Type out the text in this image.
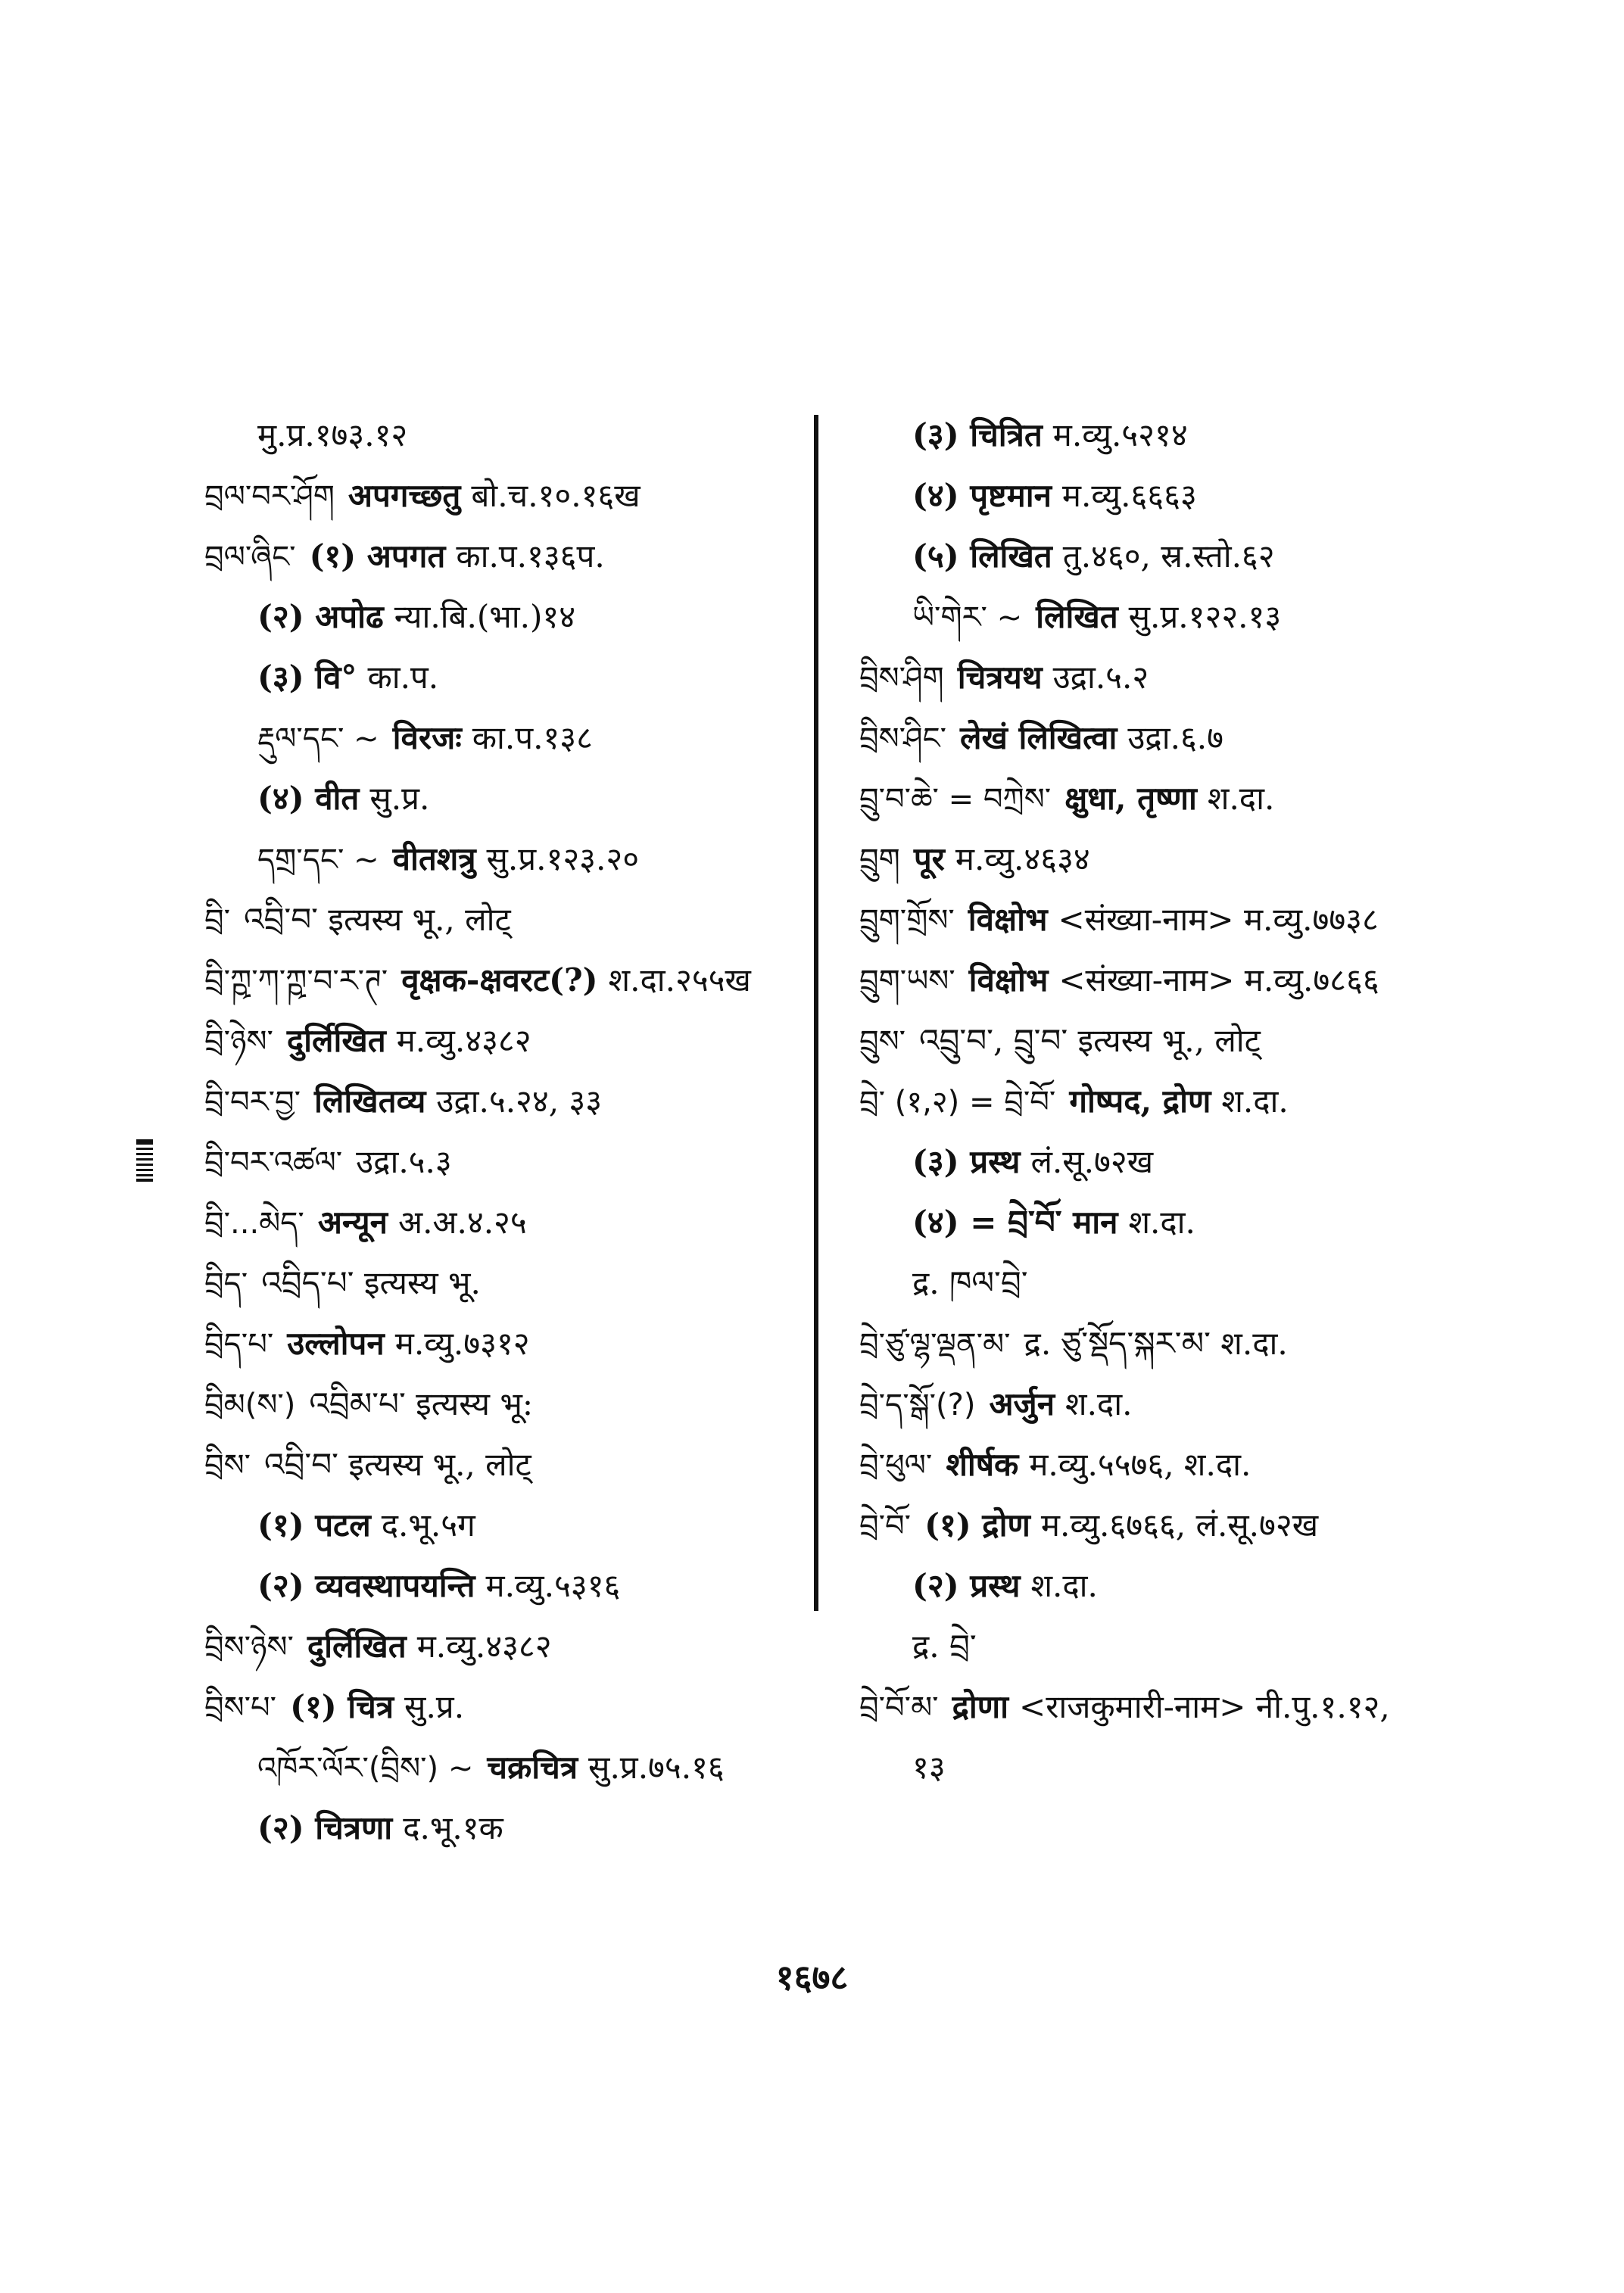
मु.प्र.१७३.१२
བྲལ་བར་ཤོག अपगच्छतु बो.च.१०.१६ख
བྲལ་ཞིང་ (१) अपगत का.प.१३६प.
(२) अपोढ न्या.बि.(भा.)१४
(३) वि° का.प.
རྡུལ་དང་ ~ विरजः का.प.१३८
(४) वीत सु.प्र.
དགྲ་དང་ ~ वीतशत्रु सु.प्र.१२३.२०
བྲི་ འབྲི་བ་ इत्यस्य भू., लोट्
བྲི་ཀྵ་ཀ་ཀྵ་བ་ར་ཊ་ वृक्षक-क्षवरट(?) श.दा.२५५ख
བྲི་ཉེས་ दुर्लिखित म.व्यु.४३८२
བྲི་བར་བྱ་ लिखितव्य उद्रा.५.२४, ३३
བྲི་བར་འཚལ་ उद्रा.५.३
བྲི་...མེད་ अन्यून अ.अ.४.२५
བྲིད་ འབྲིད་པ་ इत्यस्य भू.
བྲིད་པ་ उल्लोपन म.व्यु.७३१२
བྲིམ(ས་) འབྲིམ་པ་ इत्यस्य भू:
བྲིས་ འབྲི་བ་ इत्यस्य भू., लोट्
(१) पटल द.भू.५ग
(२) व्यवस्थापयन्ति म.व्यु.५३१६
བྲིས་ཉེས་ दुर्लिखित म.व्यु.४३८२
བྲིས་པ་ (१) चित्र सु.प्र.
འཁོར་ལོར་(བྲིས་) ~ चक्रचित्र सु.प्र.७५.१६
(२) चित्रणा द.भू.१क
(३) चित्रित म.व्यु.५२१४
(४) पृष्टमान म.व्यु.६६६३
(५) लिखित तु.४६०, स्र.स्तो.६२
ཡི་གེར་ ~ लिखित सु.प्र.१२२.१३
བྲིས་ཤིག चित्रयथ उद्रा.५.२
བྲིས་ཤིང་ लेखं लिखित्वा उद्रा.६.७
བྲུ་བ་ཆེ་ = བཀྲེས་ क्षुधा, तृष्णा श.दा.
བྲུག पूर म.व्यु.४६३४
བྲུག་གྲོས་ विक्षोभ <संख्या-नाम> म.व्यु.७७३८
བྲུག་ཡས་ विक्षोभ <संख्या-नाम> म.व्यु.७८६६
བྲུས་ འབྲུ་བ་, བྲུ་བ་ इत्यस्य भू., लोट्
བྲེ་ (१,२) = བྲེ་བོ་ गोष्पद, द्रोण श.दा.
(३) प्रस्थ लं.सू.७२ख
(४) = བྲེ་བོ་ मान श.दा.
द्र. ཁལ་བྲེ་
བྲེ་ཙུ་ལྷ་ལྡན་མ་ द्र. ཙུ་སྡོད་སྐར་མ་ श.दा.
བྲེ་ད་སྒོ་(?) अर्जुन श.दा.
བྲེ་ཕུལ་ शीर्षक म.व्यु.५५७६, श.दा.
བྲེ་བོ་ (१) द्रोण म.व्यु.६७६६, लं.सू.७२ख
(२) प्रस्थ श.दा.
द्र. བྲེ་
བྲེ་བོ་མ་ द्रोणा <राजकुमारी-नाम> नी.पु.१.१२,
१३
१६७८
